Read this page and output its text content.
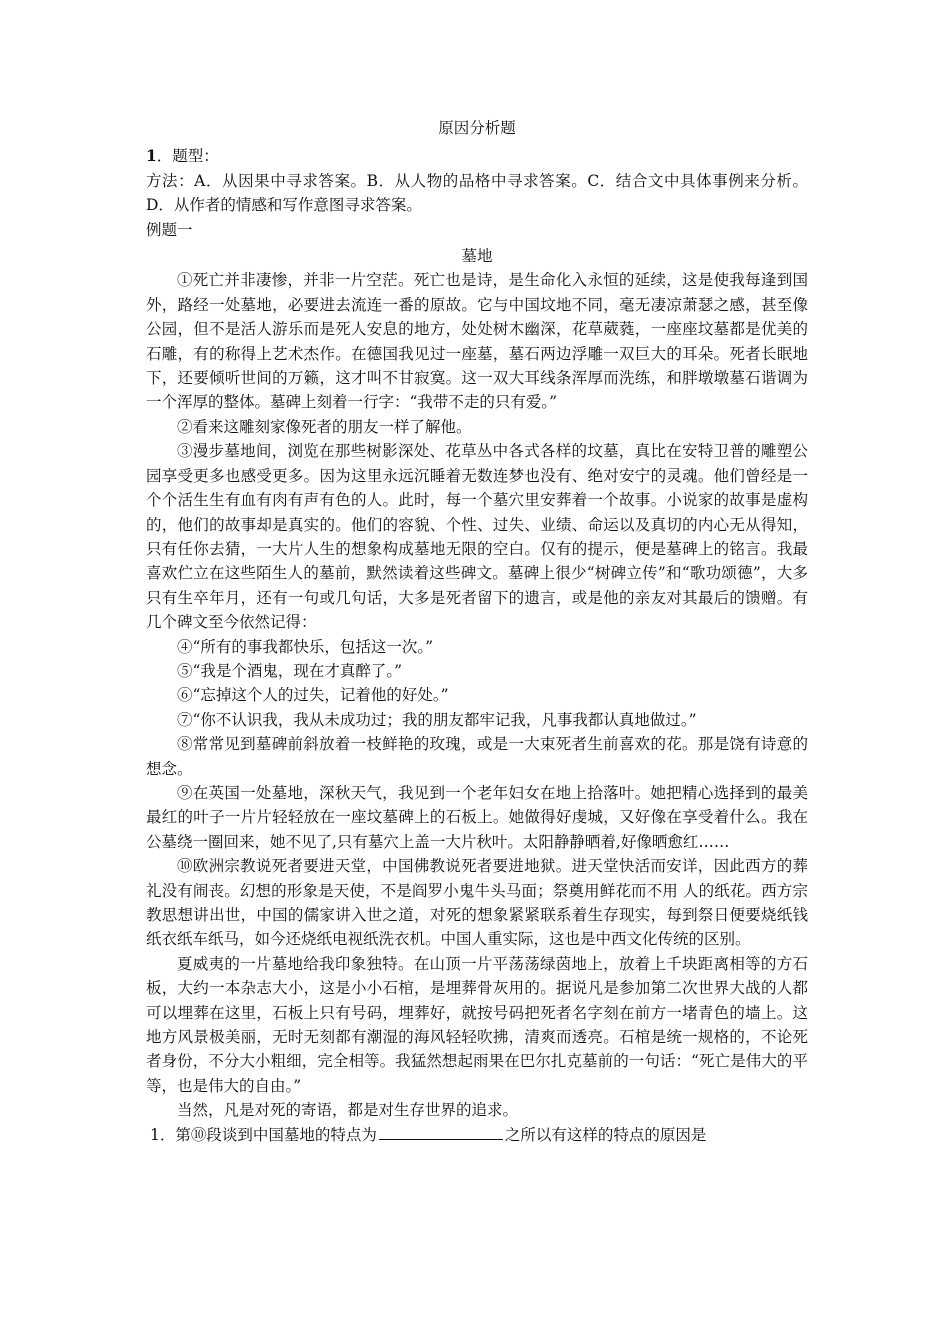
原因分析题
1．题型：
方法：A．从因果中寻求答案。B．从人物的品格中寻求答案。C．结合文中具体事例来分析。D．从作者的情感和写作意图寻求答案。
例题一
墓地
①死亡并非凄惨，并非一片空茫。死亡也是诗，是生命化入永恒的延续，这是使我每逢到国外，路经一处墓地，必要进去流连一番的原故。它与中国坟地不同，毫无凄凉萧瑟之感，甚至像公园，但不是活人游乐而是死人安息的地方，处处树木幽深，花草葳蕤，一座座坟墓都是优美的石雕，有的称得上艺术杰作。在德国我见过一座墓，墓石两边浮雕一双巨大的耳朵。死者长眠地下，还要倾听世间的万籁，这才叫不甘寂寞。这一双大耳线条浑厚而洗练，和胖墩墩墓石谐调为一个浑厚的整体。墓碑上刻着一行字：“我带不走的只有爱。”
②看来这雕刻家像死者的朋友一样了解他。
③漫步墓地间，浏览在那些树影深处、花草丛中各式各样的坟墓，真比在安特卫普的雕塑公园享受更多也感受更多。因为这里永远沉睡着无数连梦也没有、绝对安宁的灵魂。他们曾经是一个个活生生有血有肉有声有色的人。此时，每一个墓穴里安葬着一个故事。小说家的故事是虚构的，他们的故事却是真实的。他们的容貌、个性、过失、业绩、命运以及真切的内心无从得知，只有任你去猜，一大片人生的想象构成墓地无限的空白。仅有的提示，便是墓碑上的铭言。我最喜欢伫立在这些陌生人的墓前，默然读着这些碑文。墓碑上很少“树碑立传”和“歌功颂德”，大多只有生卒年月，还有一句或几句话，大多是死者留下的遗言，或是他的亲友对其最后的馈赠。有几个碑文至今依然记得：
④“所有的事我都快乐，包括这一次。”
⑤“我是个酒鬼，现在才真醉了。”
⑥“忘掉这个人的过失，记着他的好处。”
⑦“你不认识我，我从未成功过；我的朋友都牢记我，凡事我都认真地做过。”
⑧常常见到墓碑前斜放着一枝鲜艳的玫瑰，或是一大束死者生前喜欢的花。那是饶有诗意的想念。
⑨在英国一处墓地，深秋天气，我见到一个老年妇女在地上拾落叶。她把精心选择到的最美最红的叶子一片片轻轻放在一座坟墓碑上的石板上。她做得好虔城，又好像在享受着什么。我在公墓绕一圈回来，她不见了,只有墓穴上盖一大片秋叶。太阳静静晒着,好像晒愈红……
⑩欧洲宗教说死者要进天堂，中国佛教说死者要进地狱。进天堂快活而安详，因此西方的葬礼没有闹丧。幻想的形象是天使，不是阎罗小鬼牛头马面；祭奠用鲜花而不用 人的纸花。西方宗教思想讲出世，中国的儒家讲入世之道，对死的想象紧紧联系着生存现实，每到祭日便要烧纸钱纸衣纸车纸马，如今还烧纸电视纸洗衣机。中国人重实际，这也是中西文化传统的区别。
夏威夷的一片墓地给我印象独特。在山顶一片平荡荡绿茵地上，放着上千块距离相等的方石板，大约一本杂志大小，这是小小石棺，是埋葬骨灰用的。据说凡是参加第二次世界大战的人都可以埋葬在这里，石板上只有号码，埋葬好，就按号码把死者名字刻在前方一堵青色的墙上。这地方风景极美丽，无时无刻都有潮湿的海风轻轻吹拂，清爽而透亮。石棺是统一规格的，不论死者身份，不分大小粗细，完全相等。我猛然想起雨果在巴尔扎克墓前的一句话：“死亡是伟大的平等，也是伟大的自由。”
当然，凡是对死的寄语，都是对生存世界的追求。
1．第⑩段谈到中国墓地的特点为	之所以有这样的特点的原因是
